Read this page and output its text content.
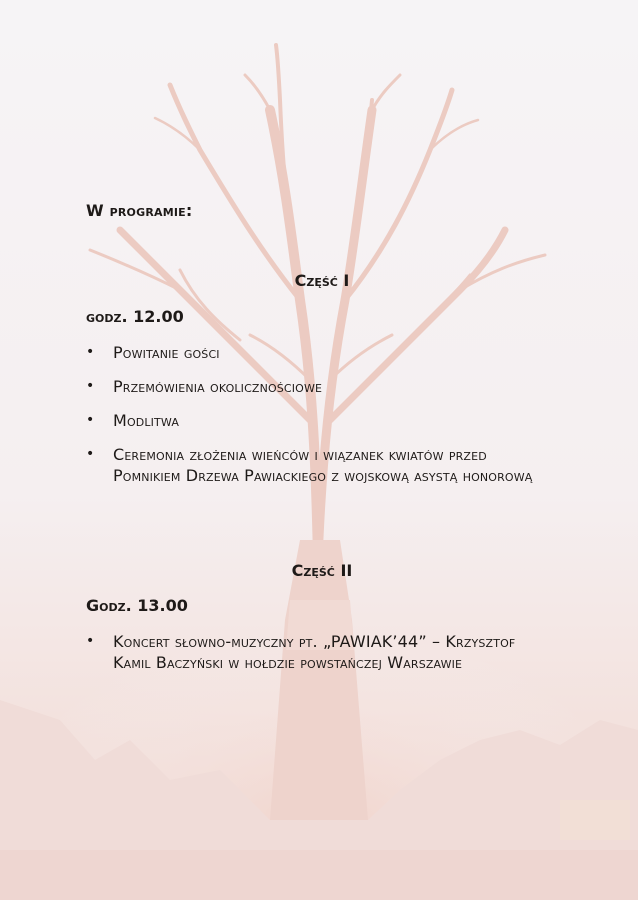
W programie:
Część I
godz. 12.00
• Powitanie gości
• Przemówienia okolicznościowe
• Modlitwa
• Ceremonia złożenia wieńców i wiązanek kwiatów przed Pomnikiem Drzewa Pawiackiego z wojskową asystą honorową
Część II
Godz. 13.00
• Koncert słowno-muzyczny pt. „PAWIAK’44” – Krzysztof Kamil Baczyński w hołdzie powstańczej Warszawie
